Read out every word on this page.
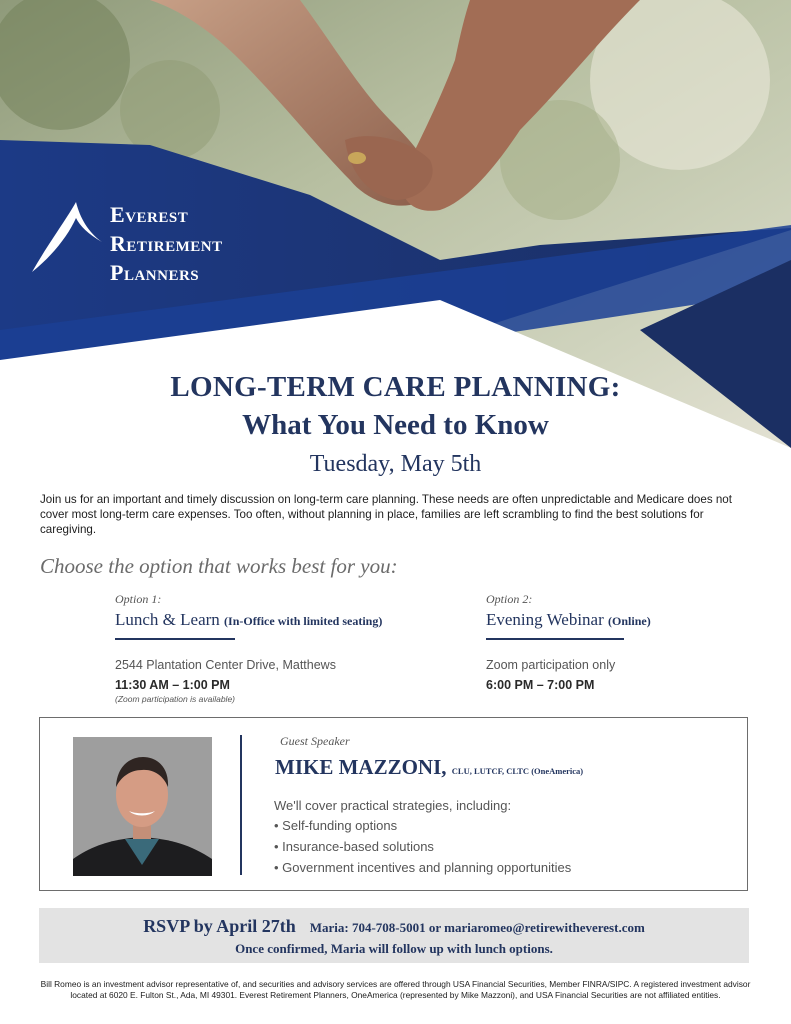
EVEREST
RETIREMENT
PLANNERS
LONG-TERM CARE PLANNING:
What You Need to Know
Tuesday, May 5th
Join us for an important and timely discussion on long-term care planning. These needs are often unpredictable and Medicare does not cover most long-term care expenses. Too often, without planning in place, families are left scrambling to find the best solutions for caregiving.
Choose the option that works best for you:
Option 1:
Lunch & Learn (In-Office with limited seating)
2544 Plantation Center Drive, Matthews
11:30 AM – 1:00 PM
(Zoom participation is available)
Option 2:
Evening Webinar (Online)
Zoom participation only
6:00 PM – 7:00 PM
Guest Speaker
MIKE MAZZONI, CLU, LUTCF, CLTC (OneAmerica)
We'll cover practical strategies, including:
• Self-funding options
• Insurance-based solutions
• Government incentives and planning opportunities
RSVP by April 27th Maria: 704-708-5001 or mariaromeo@retirewitheverest.com
Once confirmed, Maria will follow up with lunch options.
Bill Romeo is an investment advisor representative of, and securities and advisory services are offered through USA Financial Securities, Member FINRA/SIPC. A registered investment advisor located at 6020 E. Fulton St., Ada, MI 49301. Everest Retirement Planners, OneAmerica (represented by Mike Mazzoni), and USA Financial Securities are not affiliated entities.
